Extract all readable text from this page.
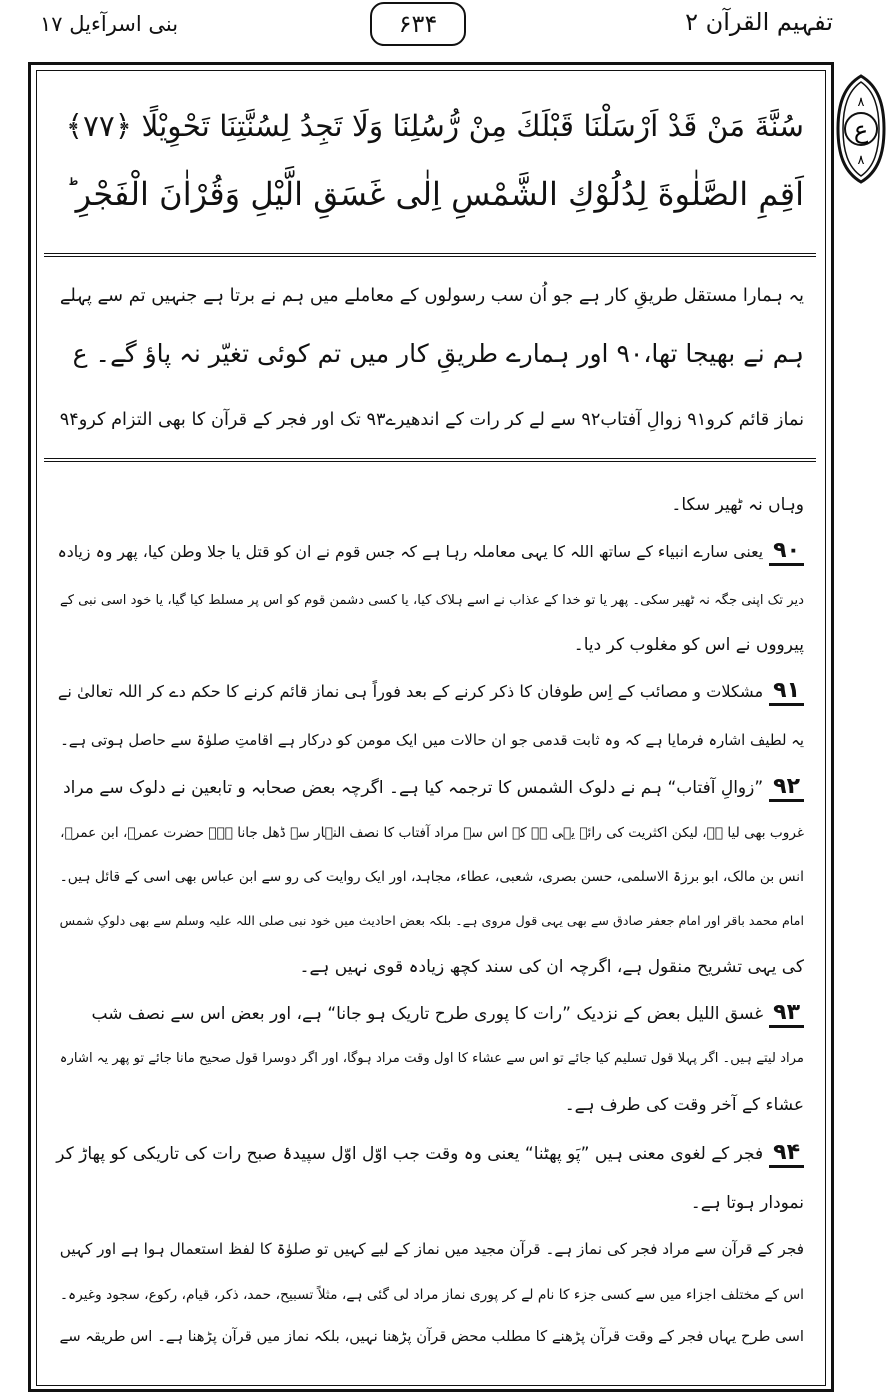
بنی اسرآءیل ۱۷	۶۳۴	تفہیم القرآن ۲
ع
۸
۸
سُنَّةَ مَنْ قَدْ اَرْسَلْنَا قَبْلَكَ مِنْ رُّسُلِنَا وَلَا تَجِدُ لِسُنَّتِنَا تَحْوِيْلًا ﴿۷۷﴾
اَقِمِ الصَّلٰوةَ لِدُلُوْكِ الشَّمْسِ اِلٰى غَسَقِ الَّيْلِ وَقُرْاٰنَ الْفَجْرِ ؕ
یہ ہمارا مستقل طریقِ کار ہے جو اُن سب رسولوں کے معاملے میں ہم نے برتا ہے جنہیں تم سے پہلے
ہم نے بھیجا تھا،۹۰ اور ہمارے طریقِ کار میں تم کوئی تغیّر نہ پاؤ گے۔ ع
نماز قائم کرو۹۱ زوالِ آفتاب۹۲ سے لے کر رات کے اندھیرے۹۳ تک اور فجر کے قرآن کا بھی التزام کرو۹۴
وہاں نہ ٹھیر سکا۔
۹۰یعنی سارے انبیاء کے ساتھ اللہ کا یہی معاملہ رہا ہے کہ جس قوم نے ان کو قتل یا جلا وطن کیا، پھر وہ زیادہ
دیر تک اپنی جگہ نہ ٹھیر سکی۔ پھر یا تو خدا کے عذاب نے اسے ہلاک کیا، یا کسی دشمن قوم کو اس پر مسلط کیا گیا، یا خود اسی نبی کے
پیرووں نے اس کو مغلوب کر دیا۔
۹۱مشکلات و مصائب کے اِس طوفان کا ذکر کرنے کے بعد فوراً ہی نماز قائم کرنے کا حکم دے کر اللہ تعالیٰ نے
یہ لطیف اشارہ فرمایا ہے کہ وہ ثابت قدمی جو ان حالات میں ایک مومن کو درکار ہے اقامتِ صلوٰۃ سے حاصل ہوتی ہے۔
۹۲”زوالِ آفتاب“ ہم نے دلوک الشمس کا ترجمہ کیا ہے۔ اگرچہ بعض صحابہ و تابعین نے دلوک سے مراد
غروب بھی لیا ہے، لیکن اکثریت کی رائے یہی ہے کہ اس سے مراد آفتاب کا نصف النہار سے ڈھل جانا ہے۔ حضرت عمرؓ، ابن عمرؓ،
انس بن مالک، ابو برزۃ الاسلمی، حسن بصری، شعبی، عطاء، مجاہد، اور ایک روایت کی رو سے ابن عباس بھی اسی کے قائل ہیں۔
امام محمد باقر اور امام جعفر صادق سے بھی یہی قول مروی ہے۔ بلکہ بعض احادیث میں خود نبی صلی اللہ علیہ وسلم سے بھی دلوکِ شمس
کی یہی تشریح منقول ہے، اگرچہ ان کی سند کچھ زیادہ قوی نہیں ہے۔
۹۳غسق اللیل بعض کے نزدیک ”رات کا پوری طرح تاریک ہو جانا“ ہے، اور بعض اس سے نصف شب
مراد لیتے ہیں۔ اگر پہلا قول تسلیم کیا جائے تو اس سے عشاء کا اول وقت مراد ہوگا، اور اگر دوسرا قول صحیح مانا جائے تو پھر یہ اشارہ
عشاء کے آخر وقت کی طرف ہے۔
۹۴فجر کے لغوی معنی ہیں ”پَو پھٹنا“ یعنی وہ وقت جب اوّل اوّل سپیدۂ صبح رات کی تاریکی کو پھاڑ کر
نمودار ہوتا ہے۔
فجر کے قرآن سے مراد فجر کی نماز ہے۔ قرآن مجید میں نماز کے لیے کہیں تو صلوٰۃ کا لفظ استعمال ہوا ہے اور کہیں
اس کے مختلف اجزاء میں سے کسی جزء کا نام لے کر پوری نماز مراد لی گئی ہے، مثلاً تسبیح، حمد، ذکر، قیام، رکوع، سجود وغیرہ۔
اسی طرح یہاں فجر کے وقت قرآن پڑھنے کا مطلب محض قرآن پڑھنا نہیں، بلکہ نماز میں قرآن پڑھنا ہے۔ اس طریقہ سے
